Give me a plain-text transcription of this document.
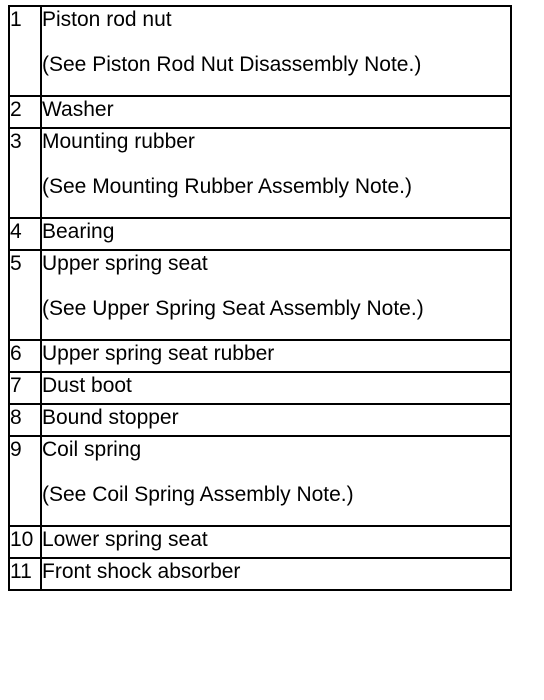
1	Piston rod nut
(See Piston Rod Nut Disassembly Note.)

2	Washer

3	Mounting rubber
(See Mounting Rubber Assembly Note.)

4	Bearing

5	Upper spring seat
(See Upper Spring Seat Assembly Note.)

6	Upper spring seat rubber

7	Dust boot

8	Bound stopper

9	Coil spring
(See Coil Spring Assembly Note.)

10	Lower spring seat

11	Front shock absorber
